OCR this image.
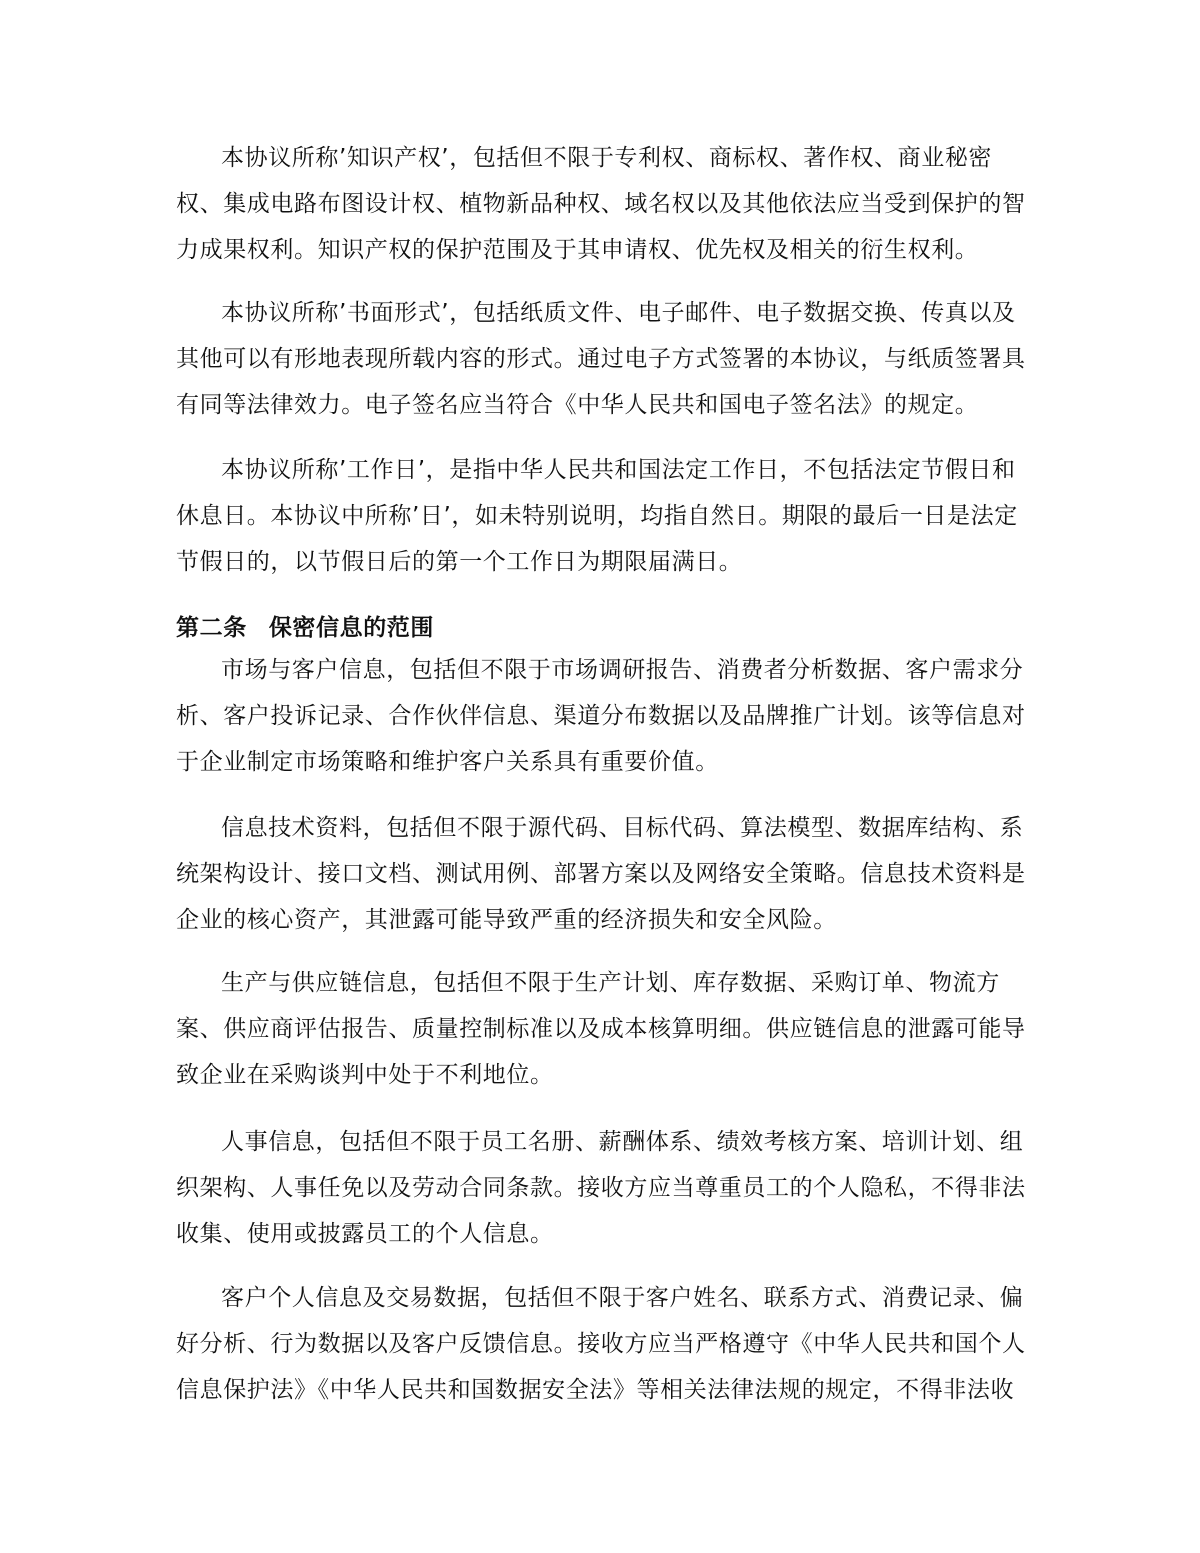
本协议所称’知识产权’，包括但不限于专利权、商标权、著作权、商业秘密
权、集成电路布图设计权、植物新品种权、域名权以及其他依法应当受到保护的智
力成果权利。知识产权的保护范围及于其申请权、优先权及相关的衍生权利。
本协议所称’书面形式’，包括纸质文件、电子邮件、电子数据交换、传真以及
其他可以有形地表现所载内容的形式。通过电子方式签署的本协议，与纸质签署具
有同等法律效力。电子签名应当符合《中华人民共和国电子签名法》的规定。
本协议所称’工作日’，是指中华人民共和国法定工作日，不包括法定节假日和
休息日。本协议中所称’日’，如未特别说明，均指自然日。期限的最后一日是法定
节假日的，以节假日后的第一个工作日为期限届满日。
第二条 保密信息的范围
市场与客户信息，包括但不限于市场调研报告、消费者分析数据、客户需求分
析、客户投诉记录、合作伙伴信息、渠道分布数据以及品牌推广计划。该等信息对
于企业制定市场策略和维护客户关系具有重要价值。
信息技术资料，包括但不限于源代码、目标代码、算法模型、数据库结构、系
统架构设计、接口文档、测试用例、部署方案以及网络安全策略。信息技术资料是
企业的核心资产，其泄露可能导致严重的经济损失和安全风险。
生产与供应链信息，包括但不限于生产计划、库存数据、采购订单、物流方
案、供应商评估报告、质量控制标准以及成本核算明细。供应链信息的泄露可能导
致企业在采购谈判中处于不利地位。
人事信息，包括但不限于员工名册、薪酬体系、绩效考核方案、培训计划、组
织架构、人事任免以及劳动合同条款。接收方应当尊重员工的个人隐私，不得非法
收集、使用或披露员工的个人信息。
客户个人信息及交易数据，包括但不限于客户姓名、联系方式、消费记录、偏
好分析、行为数据以及客户反馈信息。接收方应当严格遵守《中华人民共和国个人
信息保护法》《中华人民共和国数据安全法》等相关法律法规的规定，不得非法收
